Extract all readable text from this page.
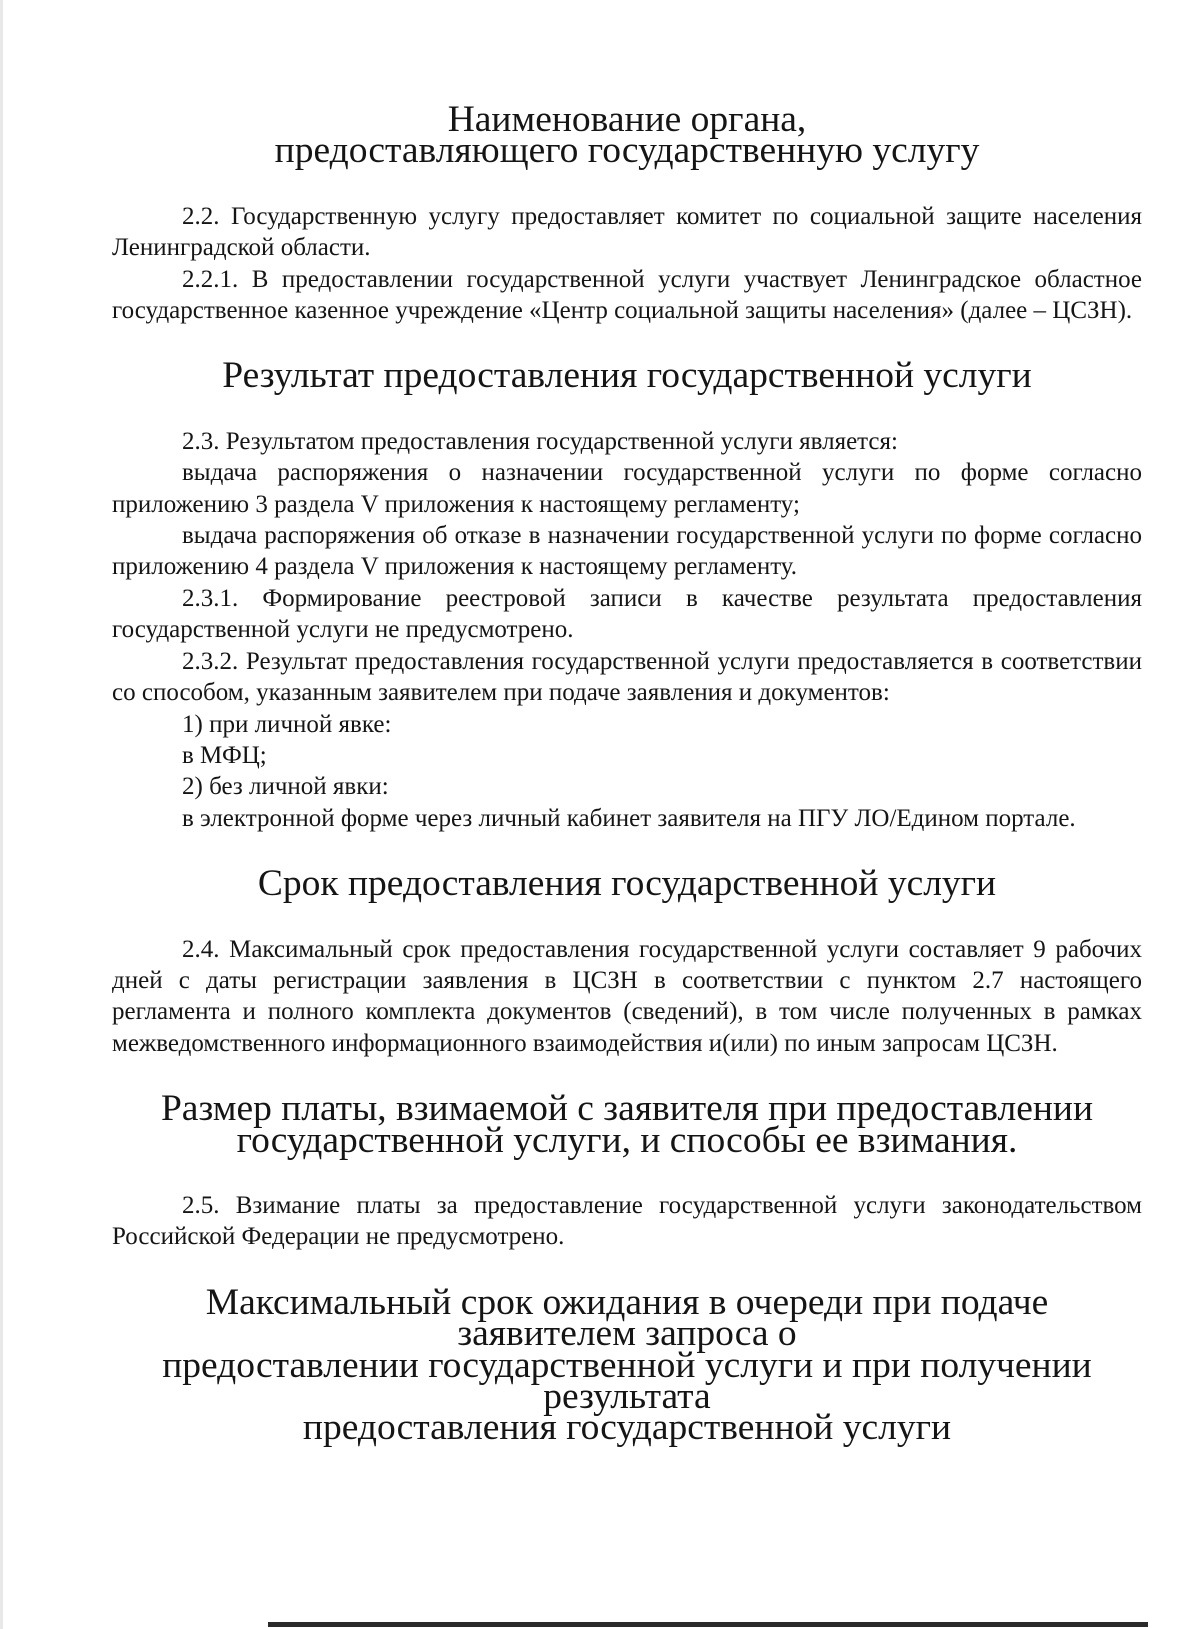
Наименование органа,
предоставляющего государственную услугу

2.2. Государственную услугу предоставляет комитет по социальной защите населения Ленинградской области.

2.2.1. В предоставлении государственной услуги участвует Ленинградское областное государственное казенное учреждение «Центр социальной защиты населения» (далее – ЦСЗН).

Результат предоставления государственной услуги

2.3. Результатом предоставления государственной услуги является:

выдача распоряжения о назначении государственной услуги по форме согласно приложению 3 раздела V приложения к настоящему регламенту;

выдача распоряжения об отказе в назначении государственной услуги по форме согласно приложению 4 раздела V приложения к настоящему регламенту.

2.3.1. Формирование реестровой записи в качестве результата предоставления государственной услуги не предусмотрено.

2.3.2. Результат предоставления государственной услуги предоставляется в соответствии со способом, указанным заявителем при подаче заявления и документов:

1) при личной явке:

в МФЦ;

2) без личной явки:

в электронной форме через личный кабинет заявителя на ПГУ ЛО/Едином портале.

Срок предоставления государственной услуги

2.4. Максимальный срок предоставления государственной услуги составляет 9 рабочих дней с даты регистрации заявления в ЦСЗН в соответствии с пунктом 2.7 настоящего регламента и полного комплекта документов (сведений), в том числе полученных в рамках межведомственного информационного взаимодействия и(или) по иным запросам ЦСЗН.

Размер платы, взимаемой с заявителя при предоставлении
государственной услуги, и способы ее взимания.

2.5. Взимание платы за предоставление государственной услуги законодательством Российской Федерации не предусмотрено.

Максимальный срок ожидания в очереди при подаче заявителем запроса о
предоставлении государственной услуги и при получении результата
предоставления государственной услуги
